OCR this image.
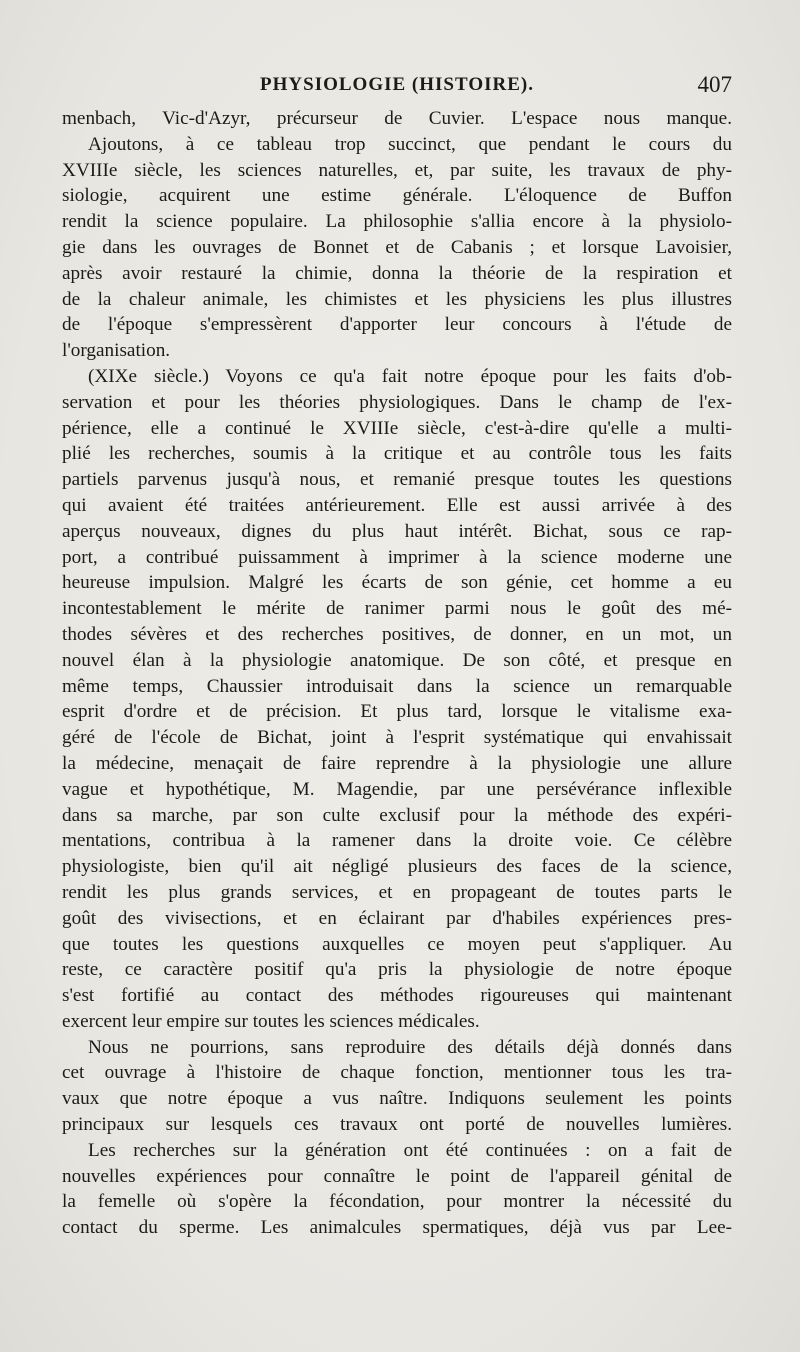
PHYSIOLOGIE (HISTOIRE).	407
menbach, Vic-d'Azyr, précurseur de Cuvier. L'espace nous manque.
Ajoutons, à ce tableau trop succinct, que pendant le cours du
XVIIIe siècle, les sciences naturelles, et, par suite, les travaux de phy-
siologie, acquirent une estime générale. L'éloquence de Buffon
rendit la science populaire. La philosophie s'allia encore à la physiolo-
gie dans les ouvrages de Bonnet et de Cabanis ; et lorsque Lavoisier,
après avoir restauré la chimie, donna la théorie de la respiration et
de la chaleur animale, les chimistes et les physiciens les plus illustres
de l'époque s'empressèrent d'apporter leur concours à l'étude de
l'organisation.
(XIXe siècle.) Voyons ce qu'a fait notre époque pour les faits d'ob-
servation et pour les théories physiologiques. Dans le champ de l'ex-
périence, elle a continué le XVIIIe siècle, c'est-à-dire qu'elle a multi-
plié les recherches, soumis à la critique et au contrôle tous les faits
partiels parvenus jusqu'à nous, et remanié presque toutes les questions
qui avaient été traitées antérieurement. Elle est aussi arrivée à des
aperçus nouveaux, dignes du plus haut intérêt. Bichat, sous ce rap-
port, a contribué puissamment à imprimer à la science moderne une
heureuse impulsion. Malgré les écarts de son génie, cet homme a eu
incontestablement le mérite de ranimer parmi nous le goût des mé-
thodes sévères et des recherches positives, de donner, en un mot, un
nouvel élan à la physiologie anatomique. De son côté, et presque en
même temps, Chaussier introduisait dans la science un remarquable
esprit d'ordre et de précision. Et plus tard, lorsque le vitalisme exa-
géré de l'école de Bichat, joint à l'esprit systématique qui envahissait
la médecine, menaçait de faire reprendre à la physiologie une allure
vague et hypothétique, M. Magendie, par une persévérance inflexible
dans sa marche, par son culte exclusif pour la méthode des expéri-
mentations, contribua à la ramener dans la droite voie. Ce célèbre
physiologiste, bien qu'il ait négligé plusieurs des faces de la science,
rendit les plus grands services, et en propageant de toutes parts le
goût des vivisections, et en éclairant par d'habiles expériences pres-
que toutes les questions auxquelles ce moyen peut s'appliquer. Au
reste, ce caractère positif qu'a pris la physiologie de notre époque
s'est fortifié au contact des méthodes rigoureuses qui maintenant
exercent leur empire sur toutes les sciences médicales.
Nous ne pourrions, sans reproduire des détails déjà donnés dans
cet ouvrage à l'histoire de chaque fonction, mentionner tous les tra-
vaux que notre époque a vus naître. Indiquons seulement les points
principaux sur lesquels ces travaux ont porté de nouvelles lumières.
Les recherches sur la génération ont été continuées : on a fait de
nouvelles expériences pour connaître le point de l'appareil génital de
la femelle où s'opère la fécondation, pour montrer la nécessité du
contact du sperme. Les animalcules spermatiques, déjà vus par Lee-
